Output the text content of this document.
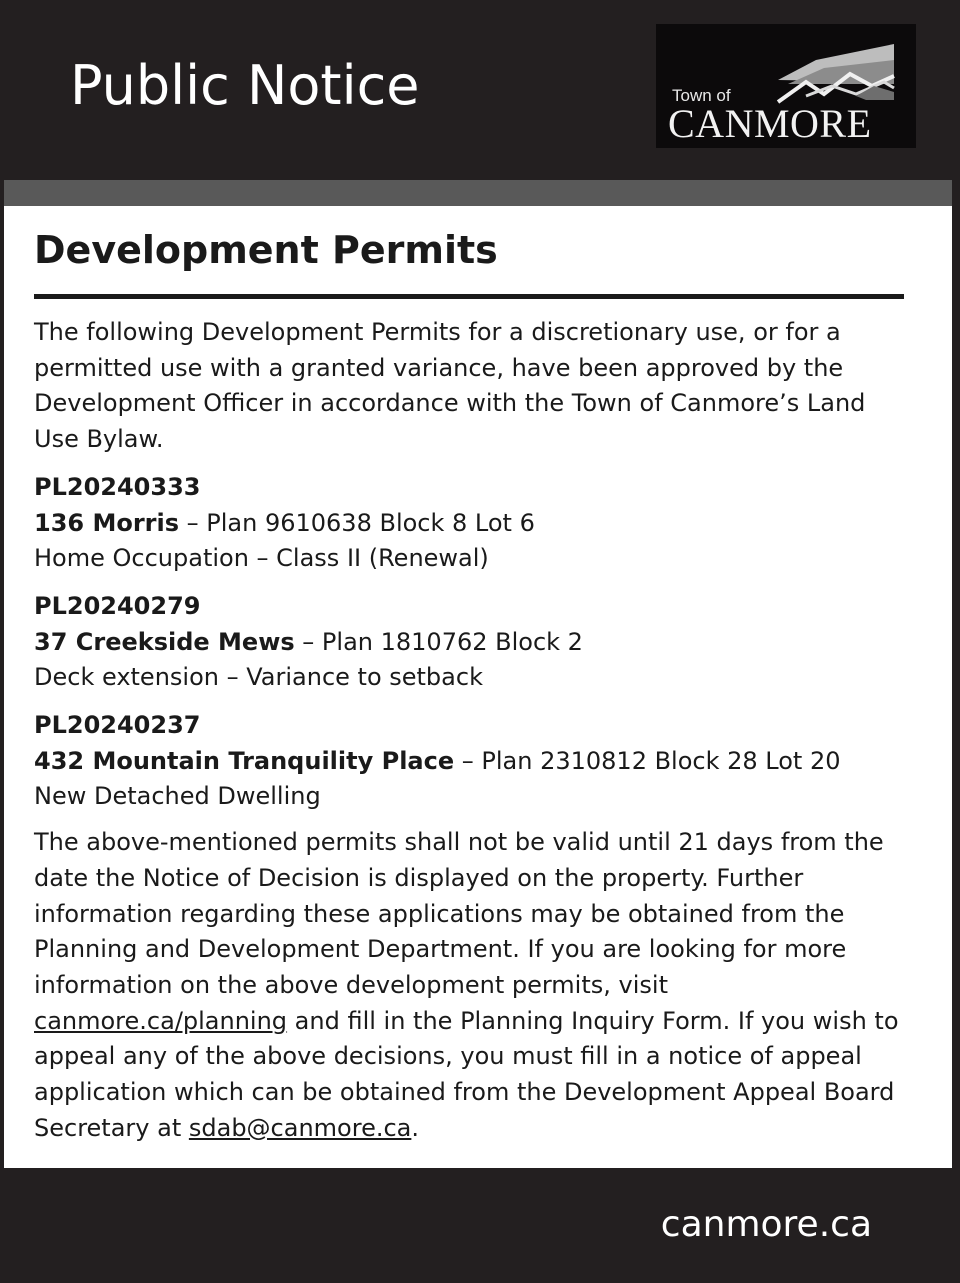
Public Notice	Town of
CANMORE
Development Permits

The following Development Permits for a discretionary use, or for a permitted use with a granted variance, have been approved by the Development Officer in accordance with the Town of Canmore’s Land Use Bylaw.

PL20240333
136 Morris – Plan 9610638 Block 8 Lot 6
Home Occupation – Class II (Renewal)
PL20240279
37 Creekside Mews – Plan 1810762 Block 2
Deck extension – Variance to setback
PL20240237
432 Mountain Tranquility Place – Plan 2310812 Block 28 Lot 20
New Detached Dwelling

The above-mentioned permits shall not be valid until 21 days from the date the Notice of Decision is displayed on the property. Further information regarding these applications may be obtained from the Planning and Development Department. If you are looking for more information on the above development permits, visit canmore.ca/planning and fill in the Planning Inquiry Form. If you wish to appeal any of the above decisions, you must fill in a notice of appeal application which can be obtained from the Development Appeal Board Secretary at sdab@canmore.ca.

canmore.ca
